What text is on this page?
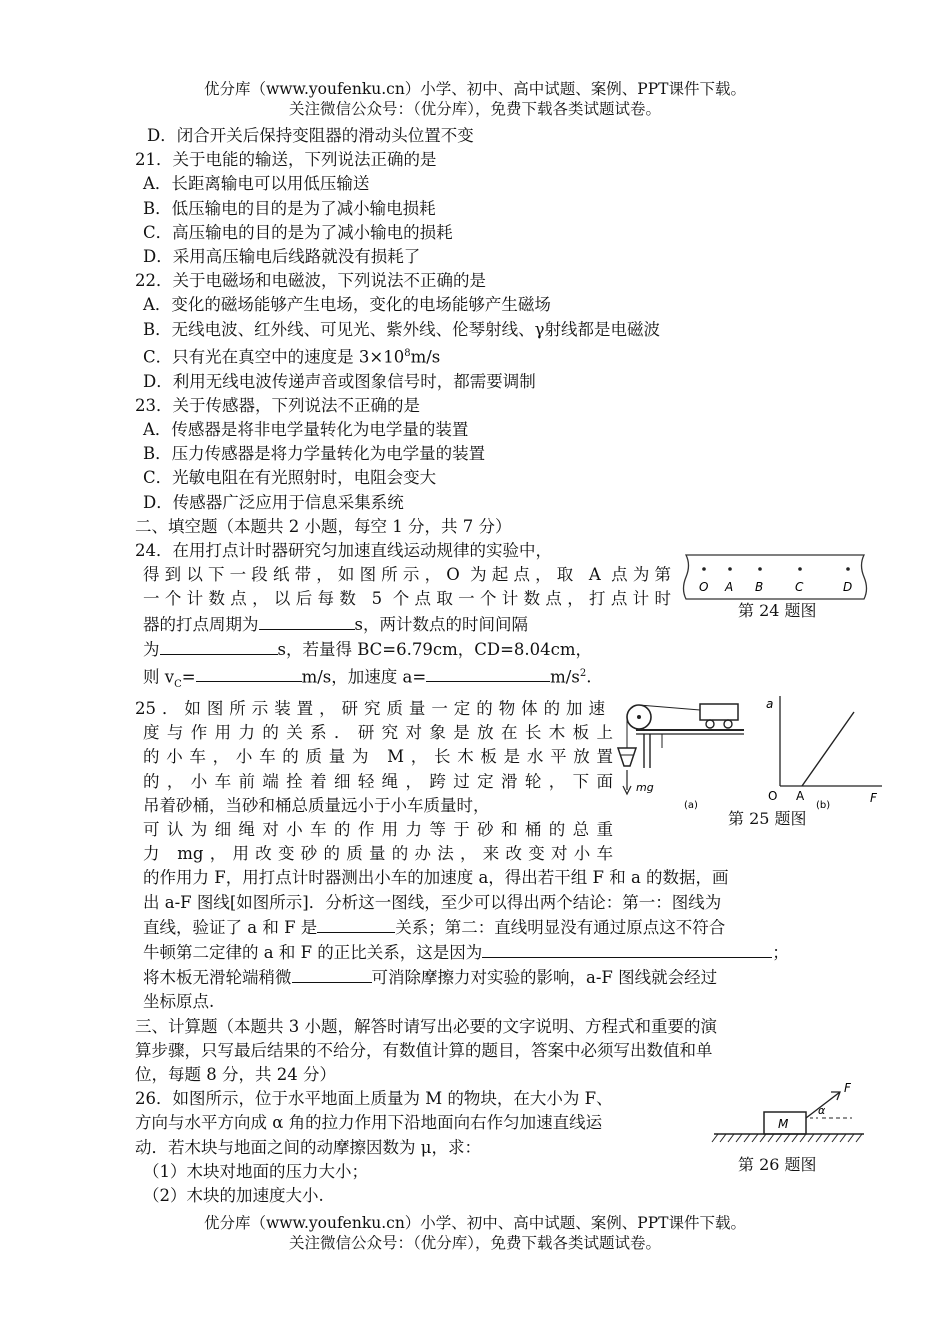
优分库（www.youfenku.cn）小学、初中、高中试题、案例、PPT课件下载。
关注微信公众号：（优分库），免费下载各类试题试卷。
D．闭合开关后保持变阻器的滑动头位置不变
21．关于电能的输送，下列说法正确的是
A．长距离输电可以用低压输送
B．低压输电的目的是为了减小输电损耗
C．高压输电的目的是为了减小输电的损耗
D．采用高压输电后线路就没有损耗了
22．关于电磁场和电磁波，下列说法不正确的是
A．变化的磁场能够产生电场，变化的电场能够产生磁场
B．无线电波、红外线、可见光、紫外线、伦琴射线、γ射线都是电磁波
C．只有光在真空中的速度是 $3\times 10^8m/s$
D．利用无线电波传递声音或图象信号时，都需要调制
23．关于传感器，下列说法不正确的是
A．传感器是将非电学量转化为电学量的装置
B．压力传感器是将力学量转化为电学量的装置
C．光敏电阻在有光照射时，电阻会变大
D．传感器广泛应用于信息采集系统
二、填空题（本题共 2 小题，每空 1 分，共 7 分）
24．在用打点计时器研究匀加速直线运动规律的实验中，
得到以下一段纸带，如图所示，O 为起点，取 A 点为第
一个计数点，以后每数 5 个点取一个计数点，打点计时
器的打点周期为	s，两计数点的时间间隔
为	s，若量得 BC=6.79cm，CD=8.04cm，
则 $v_C=$	m/s，加速度 a=	$m/s^2$.
25．如图所示装置，研究质量一定的物体的加速
度与作用力的关系．研究对象是放在长木板上
的小车，小车的质量为 M，长木板是水平放置
的，小车前端拴着细轻绳，跨过定滑轮，下面
吊着砂桶，当砂和桶总质量远小于小车质量时，
可认为细绳对小车的作用力等于砂和桶的总重
力 mg，用改变砂的质量的办法，来改变对小车
的作用力 F，用打点计时器测出小车的加速度 a，得出若干组 F 和 a 的数据，画
出 a-F 图线[如图所示]．分析这一图线，至少可以得出两个结论：第一：图线为
直线，验证了 a 和 F 是	关系；第二：直线明显没有通过原点这不符合
牛顿第二定律的 a 和 F 的正比关系，这是因为	；
将木板无滑轮端稍微	可消除摩擦力对实验的影响，a-F 图线就会经过
坐标原点.
三、计算题（本题共 3 小题，解答时请写出必要的文字说明、方程式和重要的演
算步骤，只写最后结果的不给分，有数值计算的题目，答案中必须写出数值和单
位，每题 8 分，共 24 分）
26．如图所示，位于水平地面上质量为 M 的物块，在大小为 F、
方向与水平方向成 α 角的拉力作用下沿地面向右作匀加速直线运
动．若木块与地面之间的动摩擦因数为 μ，求：
（1）木块对地面的压力大小；
（2）木块的加速度大小.
O A B	C	D
第 24 题图
mg
(a)
a
F
O A
(b)
第 25 题图
M
F
α
第 26 题图
优分库（www.youfenku.cn）小学、初中、高中试题、案例、PPT课件下载。
关注微信公众号：（优分库），免费下载各类试题试卷。
